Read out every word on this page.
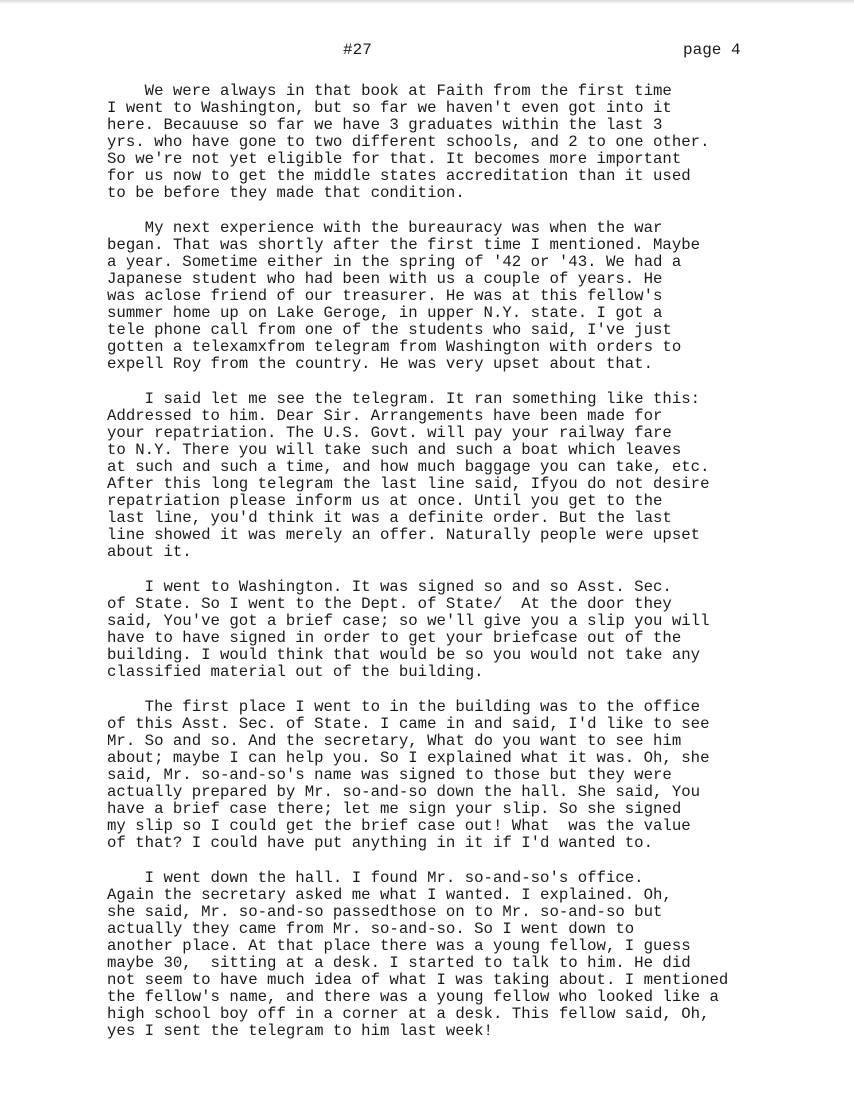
#27	page 4
We were always in that book at Faith from the first time
I went to Washington, but so far we haven't even got into it
here. Becauuse so far we have 3 graduates within the last 3
yrs. who have gone to two different schools, and 2 to one other.
So we're not yet eligible for that. It becomes more important
for us now to get the middle states accreditation than it used
to be before they made that condition.
My next experience with the bureauracy was when the war
began. That was shortly after the first time I mentioned. Maybe
a year. Sometime either in the spring of '42 or '43. We had a
Japanese student who had been with us a couple of years. He
was aclose friend of our treasurer. He was at this fellow's
summer home up on Lake Geroge, in upper N.Y. state. I got a
tele phone call from one of the students who said, I've just
gotten a telexamxfrom telegram from Washington with orders to
expell Roy from the country. He was very upset about that.
I said let me see the telegram. It ran something like this:
Addressed to him. Dear Sir. Arrangements have been made for
your repatriation. The U.S. Govt. will pay your railway fare
to N.Y. There you will take such and such a boat which leaves
at such and such a time, and how much baggage you can take, etc.
After this long telegram the last line said, Ifyou do not desire
repatriation please inform us at once. Until you get to the
last line, you'd think it was a definite order. But the last
line showed it was merely an offer. Naturally people were upset
about it.
I went to Washington. It was signed so and so Asst. Sec.
of State. So I went to the Dept. of State/  At the door they
said, You've got a brief case; so we'll give you a slip you will
have to have signed in order to get your briefcase out of the
building. I would think that would be so you would not take any
classified material out of the building.
The first place I went to in the building was to the office
of this Asst. Sec. of State. I came in and said, I'd like to see
Mr. So and so. And the secretary, What do you want to see him
about; maybe I can help you. So I explained what it was. Oh, she
said, Mr. so-and-so's name was signed to those but they were
actually prepared by Mr. so-and-so down the hall. She said, You
have a brief case there; let me sign your slip. So she signed
my slip so I could get the brief case out! What  was the value
of that? I could have put anything in it if I'd wanted to.
I went down the hall. I found Mr. so-and-so's office.
Again the secretary asked me what I wanted. I explained. Oh,
she said, Mr. so-and-so passedthose on to Mr. so-and-so but
actually they came from Mr. so-and-so. So I went down to
another place. At that place there was a young fellow, I guess
maybe 30,  sitting at a desk. I started to talk to him. He did
not seem to have much idea of what I was taking about. I mentioned
the fellow's name, and there was a young fellow who looked like a
high school boy off in a corner at a desk. This fellow said, Oh,
yes I sent the telegram to him last week!
